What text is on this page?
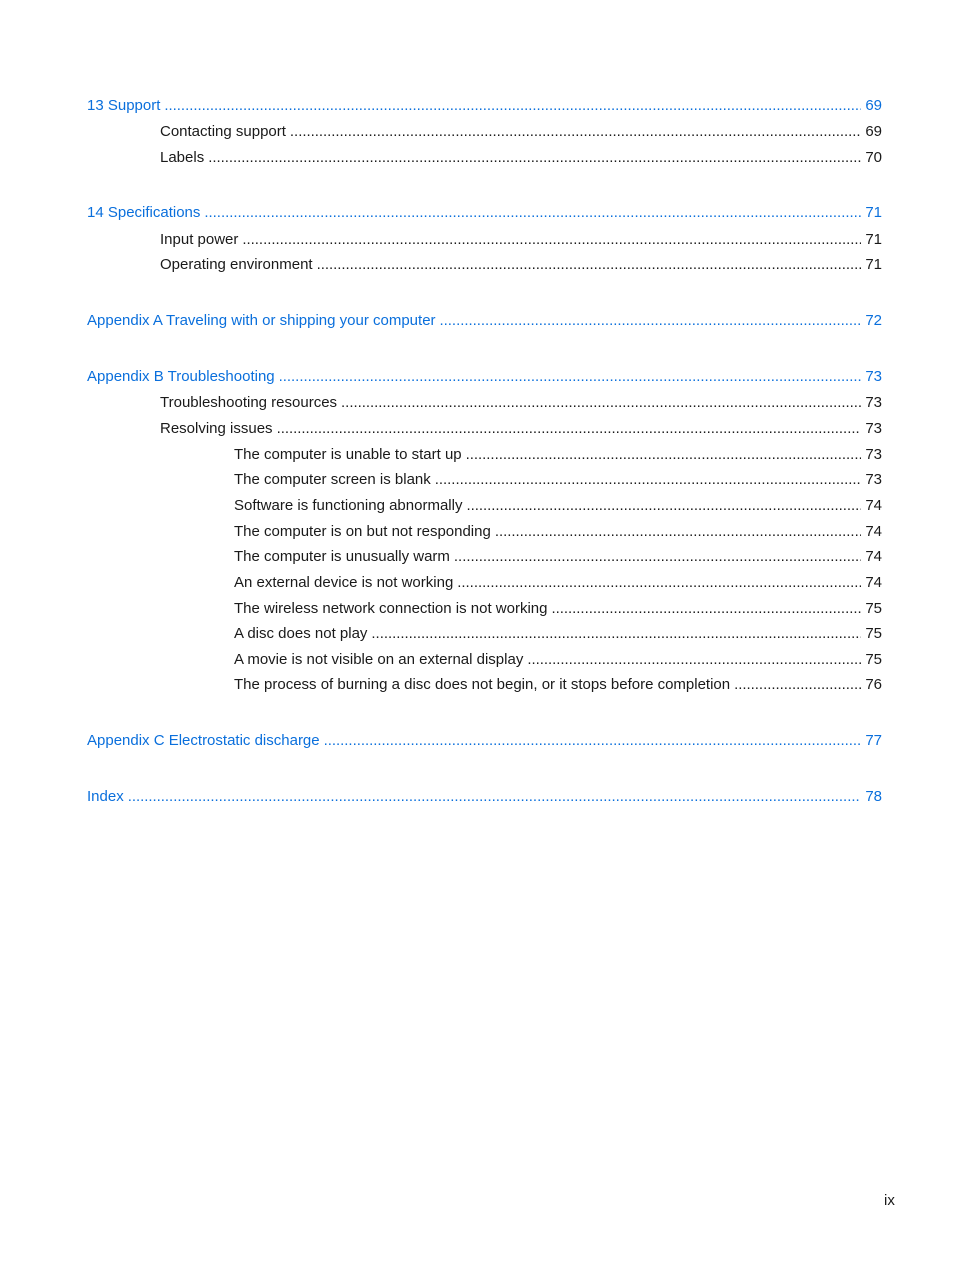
13 Support . . .	69
Contacting support . . .	69
Labels . . .	70
14 Specifications . . .	71
Input power . . .	71
Operating environment . . .	71
Appendix A Traveling with or shipping your computer . . .	72
Appendix B Troubleshooting . . .	73
Troubleshooting resources . . .	73
Resolving issues . . .	73
The computer is unable to start up . . .	73
The computer screen is blank . . .	73
Software is functioning abnormally . . .	74
The computer is on but not responding . . .	74
The computer is unusually warm . . .	74
An external device is not working . . .	74
The wireless network connection is not working . . .	75
A disc does not play . . .	75
A movie is not visible on an external display . . .	75
The process of burning a disc does not begin, or it stops before completion . . .	76
Appendix C Electrostatic discharge . . .	77
Index . . .	78
ix
